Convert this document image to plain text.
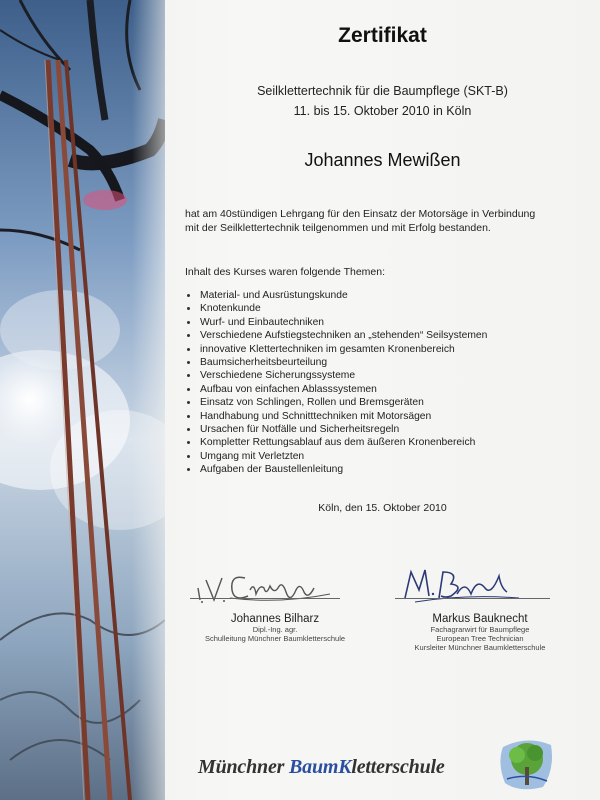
Zertifikat
Seilklettertechnik für die Baumpflege (SKT-B)
11. bis 15. Oktober 2010 in Köln
Johannes Mewißen
hat am 40stündigen Lehrgang für den Einsatz der Motorsäge in Verbindung
mit der Seilklettertechnik teilgenommen und mit Erfolg bestanden.
Inhalt des Kurses waren folgende Themen:
Material- und Ausrüstungskunde
Knotenkunde
Wurf- und Einbautechniken
Verschiedene Aufstiegstechniken an „stehenden“ Seilsystemen
innovative Klettertechniken im gesamten Kronenbereich
Baumsicherheitsbeurteilung
Verschiedene Sicherungssysteme
Aufbau von einfachen Ablasssystemen
Einsatz von Schlingen, Rollen und Bremsgeräten
Handhabung und Schnitttechniken mit Motorsägen
Ursachen für Notfälle und Sicherheitsregeln
Kompletter Rettungsablauf aus dem äußeren Kronenbereich
Umgang mit Verletzten
Aufgaben der Baustellenleitung
Köln, den 15. Oktober 2010
Johannes Bilharz
Dipl.-Ing. agr.
Schulleitung Münchner Baumkletterschule
Markus Bauknecht
Fachagrarwirt für Baumpflege
European Tree Technician
Kursleiter Münchner Baumkletterschule
Münchner BaumKletterschule
